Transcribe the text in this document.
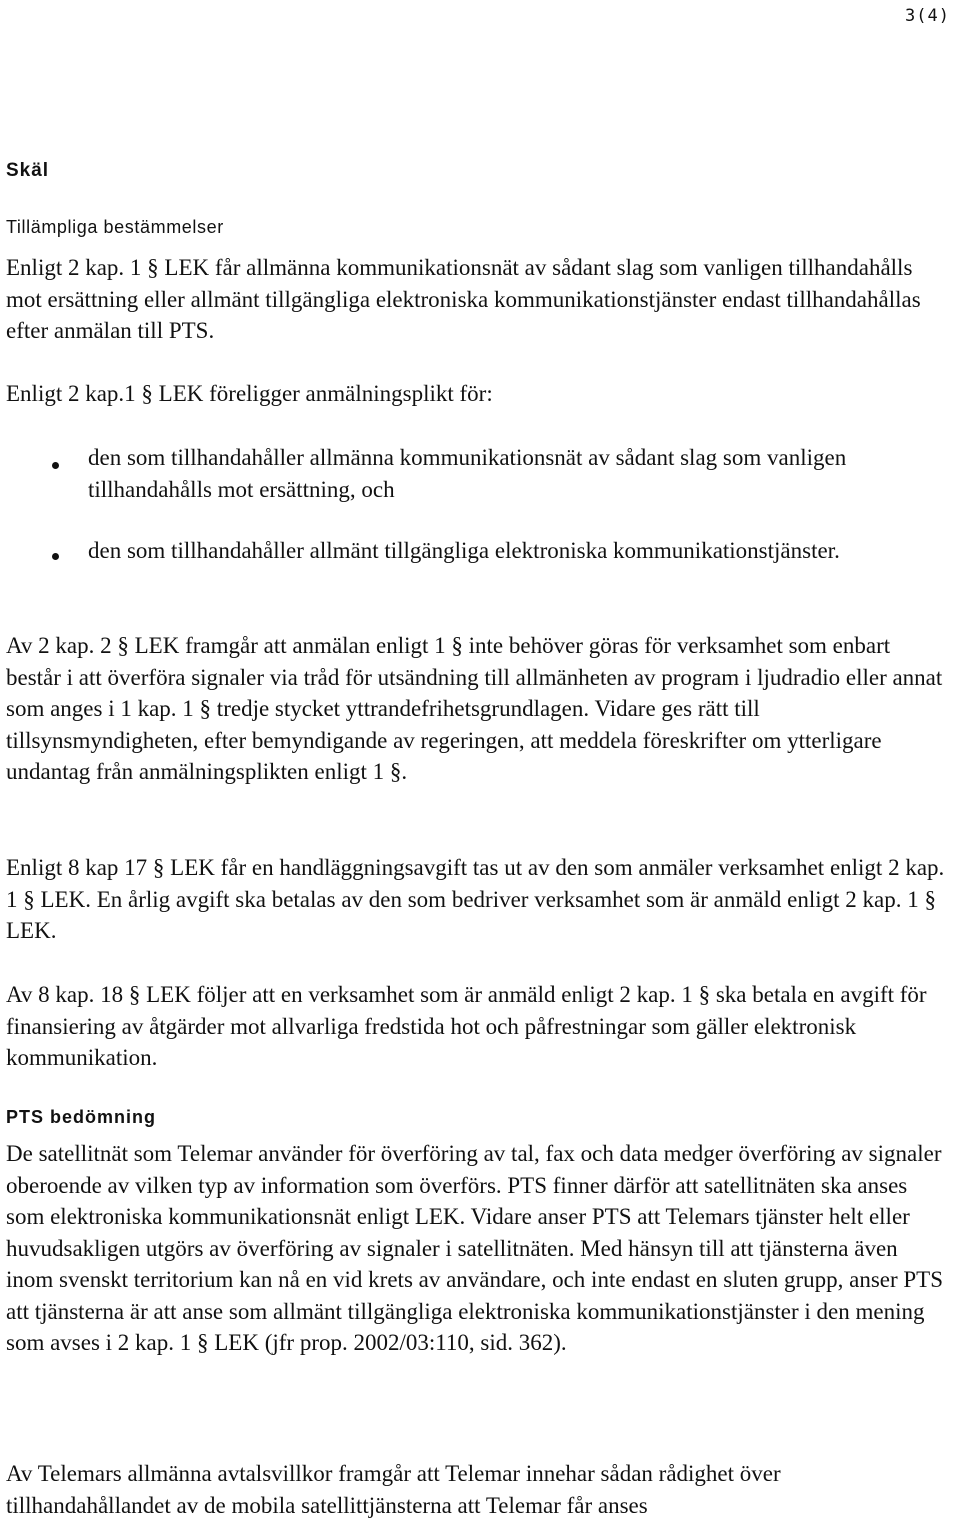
3(4)
Skäl
Tillämpliga bestämmelser

Enligt 2 kap. 1 § LEK får allmänna kommunikationsnät av sådant slag som vanligen tillhandahålls mot ersättning eller allmänt tillgängliga elektroniska kommunikationstjänster endast tillhandahållas efter anmälan till PTS.

Enligt 2 kap.1 § LEK föreligger anmälningsplikt för:

den som tillhandahåller allmänna kommunikationsnät av sådant slag som vanligen tillhandahålls mot ersättning, och

den som tillhandahåller allmänt tillgängliga elektroniska kommunikationstjänster.

Av 2 kap. 2 § LEK framgår att anmälan enligt 1 § inte behöver göras för verksamhet som enbart består i att överföra signaler via tråd för utsändning till allmänheten av program i ljudradio eller annat som anges i 1 kap. 1 § tredje stycket yttrandefrihetsgrundlagen. Vidare ges rätt till tillsynsmyndigheten, efter bemyndigande av regeringen, att meddela föreskrifter om ytterligare undantag från anmälningsplikten enligt 1 §.

Enligt 8 kap 17 § LEK får en handläggningsavgift tas ut av den som anmäler verksamhet enligt 2 kap. 1 § LEK. En årlig avgift ska betalas av den som bedriver verksamhet som är anmäld enligt 2 kap. 1 § LEK.

Av 8 kap. 18 § LEK följer att en verksamhet som är anmäld enligt 2 kap. 1 § ska betala en avgift för finansiering av åtgärder mot allvarliga fredstida hot och påfrestningar som gäller elektronisk kommunikation.

PTS bedömning

De satellitnät som Telemar använder för överföring av tal, fax och data medger överföring av signaler oberoende av vilken typ av information som överförs. PTS finner därför att satellitnäten ska anses som elektroniska kommunikationsnät enligt LEK. Vidare anser PTS att Telemars tjänster helt eller huvudsakligen utgörs av överföring av signaler i satellitnäten. Med hänsyn till att tjänsterna även inom svenskt territorium kan nå en vid krets av användare, och inte endast en sluten grupp, anser PTS att tjänsterna är att anse som allmänt tillgängliga elektroniska kommunikationstjänster i den mening som avses i 2 kap. 1 § LEK (jfr prop. 2002/03:110, sid. 362).

Av Telemars allmänna avtalsvillkor framgår att Telemar innehar sådan rådighet över tillhandahållandet av de mobila satellittjänsterna att Telemar får anses
